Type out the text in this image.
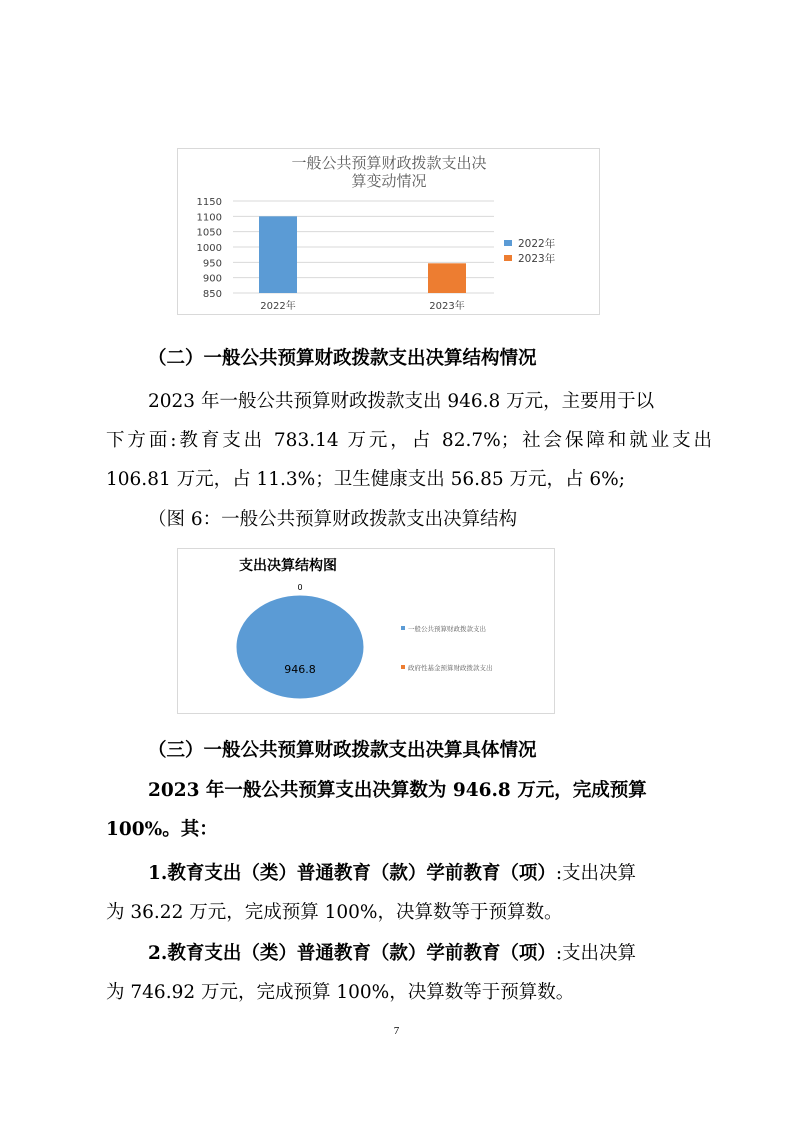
一般公共预算财政拨款支出决
算变动情况
850
900
950
1000
1050
1100
1150
2022年	2023年
2022年
2023年
（二）一般公共预算财政拨款支出决算结构情况
2023 年一般公共预算财政拨款支出 946.8 万元，主要用于以
下方面:教育支出 783.14 万元，占 82.7%；社会保障和就业支出
106.81 万元，占 11.3%；卫生健康支出 56.85 万元，占 6%;
（图 6：一般公共预算财政拨款支出决算结构
支出决算结构图
946.8
0
一般公共预算财政拨款支出
政府性基金预算财政拨款支出
（三）一般公共预算财政拨款支出决算具体情况
2023 年一般公共预算支出决算数为 946.8 万元，完成预算
100%。其：
1.教育支出（类）普通教育（款）学前教育（项）:支出决算
为 36.22 万元，完成预算 100%，决算数等于预算数。
2.教育支出（类）普通教育（款）学前教育（项）:支出决算
为 746.92 万元，完成预算 100%，决算数等于预算数。
7
